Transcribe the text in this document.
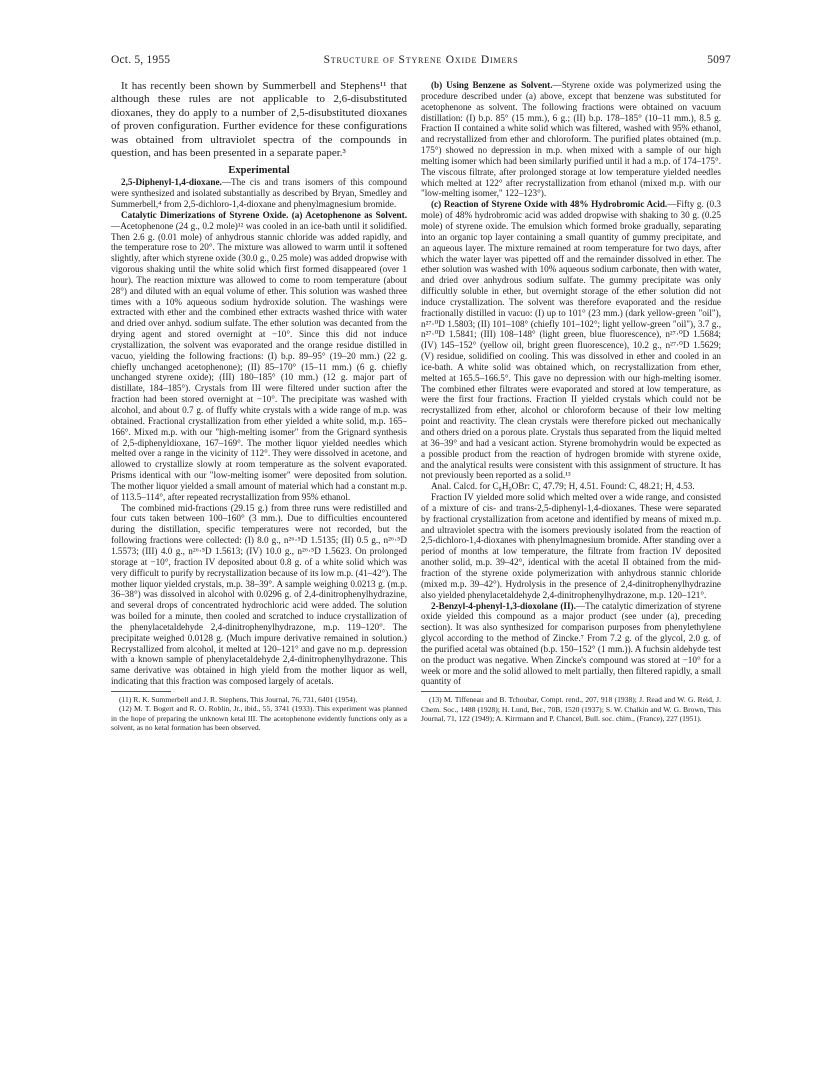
Oct. 5, 1955	Structure of Styrene Oxide Dimers	5097

It has recently been shown by Summerbell and Stephens¹¹ that although these rules are not applicable to 2,6-disubstituted dioxanes, they do apply to a number of 2,5-disubstituted dioxanes of proven configuration. Further evidence for these configurations was obtained from ultraviolet spectra of the compounds in question, and has been presented in a separate paper.³

Experimental

2,5-Diphenyl-1,4-dioxane.—The cis and trans isomers of this compound were synthesized and isolated substantially as described by Bryan, Smedley and Summerbell,⁴ from 2,5-dichloro-1,4-dioxane and phenylmagnesium bromide.

Catalytic Dimerizations of Styrene Oxide. (a) Acetophenone as Solvent.—Acetophenone (24 g., 0.2 mole)¹² was cooled in an ice-bath until it solidified. Then 2.6 g. (0.01 mole) of anhydrous stannic chloride was added rapidly, and the temperature rose to 20°. The mixture was allowed to warm until it softened slightly, after which styrene oxide (30.0 g., 0.25 mole) was added dropwise with vigorous shaking until the white solid which first formed disappeared (over 1 hour). The reaction mixture was allowed to come to room temperature (about 28°) and diluted with an equal volume of ether. This solution was washed three times with a 10% aqueous sodium hydroxide solution. The washings were extracted with ether and the combined ether extracts washed thrice with water and dried over anhyd. sodium sulfate. The ether solution was decanted from the drying agent and stored overnight at −10°. Since this did not induce crystallization, the solvent was evaporated and the orange residue distilled in vacuo, yielding the following fractions: (I) b.p. 89–95° (19–20 mm.) (22 g. chiefly unchanged acetophenone); (II) 85–170° (15–11 mm.) (6 g. chiefly unchanged styrene oxide); (III) 180–185° (10 mm.) (12 g. major part of distillate, 184–185°). Crystals from III were filtered under suction after the fraction had been stored overnight at −10°. The precipitate was washed with alcohol, and about 0.7 g. of fluffy white crystals with a wide range of m.p. was obtained. Fractional crystallization from ether yielded a white solid, m.p. 165–166°. Mixed m.p. with our "high-melting isomer" from the Grignard synthesis of 2,5-diphenyldioxane, 167–169°. The mother liquor yielded needles which melted over a range in the vicinity of 112°. They were dissolved in acetone, and allowed to crystallize slowly at room temperature as the solvent evaporated. Prisms identical with our "low-melting isomer" were deposited from solution. The mother liquor yielded a small amount of material which had a constant m.p. of 113.5–114°, after repeated recrystallization from 95% ethanol.

The combined mid-fractions (29.15 g.) from three runs were redistilled and four cuts taken between 100–160° (3 mm.). Due to difficulties encountered during the distillation, specific temperatures were not recorded, but the following fractions were collected: (I) 8.0 g., n²⁶·⁵D 1.5135; (II) 0.5 g., n²⁶·⁵D 1.5573; (III) 4.0 g., n²⁶·⁵D 1.5613; (IV) 10.0 g., n²⁶·⁵D 1.5623. On prolonged storage at −10°, fraction IV deposited about 0.8 g. of a white solid which was very difficult to purify by recrystallization because of its low m.p. (41–42°). The mother liquor yielded crystals, m.p. 38–39°. A sample weighing 0.0213 g. (m.p. 36–38°) was dissolved in alcohol with 0.0296 g. of 2,4-dinitrophenylhydrazine, and several drops of concentrated hydrochloric acid were added. The solution was boiled for a minute, then cooled and scratched to induce crystallization of the phenylacetaldehyde 2,4-dinitrophenylhydrazone, m.p. 119–120°. The precipitate weighed 0.0128 g. (Much impure derivative remained in solution.) Recrystallized from alcohol, it melted at 120–121° and gave no m.p. depression with a known sample of phenylacetaldehyde 2,4-dinitrophenylhydrazone. This same derivative was obtained in high yield from the mother liquor as well, indicating that this fraction was composed largely of acetals.

(11) R. K. Summerbell and J. R. Stephens, This Journal, 76, 731, 6401 (1954).

(12) M. T. Bogert and R. O. Roblin, Jr., ibid., 55, 3741 (1933). This experiment was planned in the hope of preparing the unknown ketal III. The acetophenone evidently functions only as a solvent, as no ketal formation has been observed.

(b) Using Benzene as Solvent.—Styrene oxide was polymerized using the procedure described under (a) above, except that benzene was substituted for acetophenone as solvent. The following fractions were obtained on vacuum distillation: (I) b.p. 85° (15 mm.), 6 g.; (II) b.p. 178–185° (10–11 mm.), 8.5 g. Fraction II contained a white solid which was filtered, washed with 95% ethanol, and recrystallized from ether and chloroform. The purified plates obtained (m.p. 175°) showed no depression in m.p. when mixed with a sample of our high melting isomer which had been similarly purified until it had a m.p. of 174–175°. The viscous filtrate, after prolonged storage at low temperature yielded needles which melted at 122° after recrystallization from ethanol (mixed m.p. with our "low-melting isomer," 122–123°).

(c) Reaction of Styrene Oxide with 48% Hydrobromic Acid.—Fifty g. (0.3 mole) of 48% hydrobromic acid was added dropwise with shaking to 30 g. (0.25 mole) of styrene oxide. The emulsion which formed broke gradually, separating into an organic top layer containing a small quantity of gummy precipitate, and an aqueous layer. The mixture remained at room temperature for two days, after which the water layer was pipetted off and the remainder dissolved in ether. The ether solution was washed with 10% aqueous sodium carbonate, then with water, and dried over anhydrous sodium sulfate. The gummy precipitate was only difficultly soluble in ether, but overnight storage of the ether solution did not induce crystallization. The solvent was therefore evaporated and the residue fractionally distilled in vacuo: (I) up to 101° (23 mm.) (dark yellow-green "oil"), n²⁷·⁰D 1.5803; (II) 101–108° (chiefly 101–102°; light yellow-green "oil"), 3.7 g., n²⁷·⁰D 1.5841; (III) 108–148° (light green, blue fluorescence), n²⁷·⁰D 1.5684; (IV) 145–152° (yellow oil, bright green fluorescence), 10.2 g., n²⁷·⁰D 1.5629; (V) residue, solidified on cooling. This was dissolved in ether and cooled in an ice-bath. A white solid was obtained which, on recrystallization from ether, melted at 165.5–166.5°. This gave no depression with our high-melting isomer. The combined ether filtrates were evaporated and stored at low temperature, as were the first four fractions. Fraction II yielded crystals which could not be recrystallized from ether, alcohol or chloroform because of their low melting point and reactivity. The clean crystals were therefore picked out mechanically and others dried on a porous plate. Crystals thus separated from the liquid melted at 36–39° and had a vesicant action. Styrene bromohydrin would be expected as a possible product from the reaction of hydrogen bromide with styrene oxide, and the analytical results were consistent with this assignment of structure. It has not previously been reported as a solid.¹³

Anal. Calcd. for C₈H₉OBr: C, 47.79; H, 4.51. Found: C, 48.21; H, 4.53.

Fraction IV yielded more solid which melted over a wide range, and consisted of a mixture of cis- and trans-2,5-diphenyl-1,4-dioxanes. These were separated by fractional crystallization from acetone and identified by means of mixed m.p. and ultraviolet spectra with the isomers previously isolated from the reaction of 2,5-dichloro-1,4-dioxanes with phenylmagnesium bromide. After standing over a period of months at low temperature, the filtrate from fraction IV deposited another solid, m.p. 39–42°, identical with the acetal II obtained from the mid-fraction of the styrene oxide polymerization with anhydrous stannic chloride (mixed m.p. 39–42°). Hydrolysis in the presence of 2,4-dinitrophenylhydrazine also yielded phenylacetaldehyde 2,4-dinitrophenylhydrazone, m.p. 120–121°.

2-Benzyl-4-phenyl-1,3-dioxolane (II).—The catalytic dimerization of styrene oxide yielded this compound as a major product (see under (a), preceding section). It was also synthesized for comparison purposes from phenylethylene glycol according to the method of Zincke.⁷ From 7.2 g. of the glycol, 2.0 g. of the purified acetal was obtained (b.p. 150–152° (1 mm.)). A fuchsin aldehyde test on the product was negative. When Zincke's compound was stored at −10° for a week or more and the solid allowed to melt partially, then filtered rapidly, a small quantity of

(13) M. Tiffeneau and B. Tchoubar, Compt. rend., 207, 918 (1938); J. Read and W. G. Reid, J. Chem. Soc., 1488 (1928); H. Lund, Ber., 70B, 1520 (1937); S. W. Chalkin and W. G. Brown, This Journal, 71, 122 (1949); A. Kirrmann and P. Chancel, Bull. soc. chim., (France), 227 (1951).
